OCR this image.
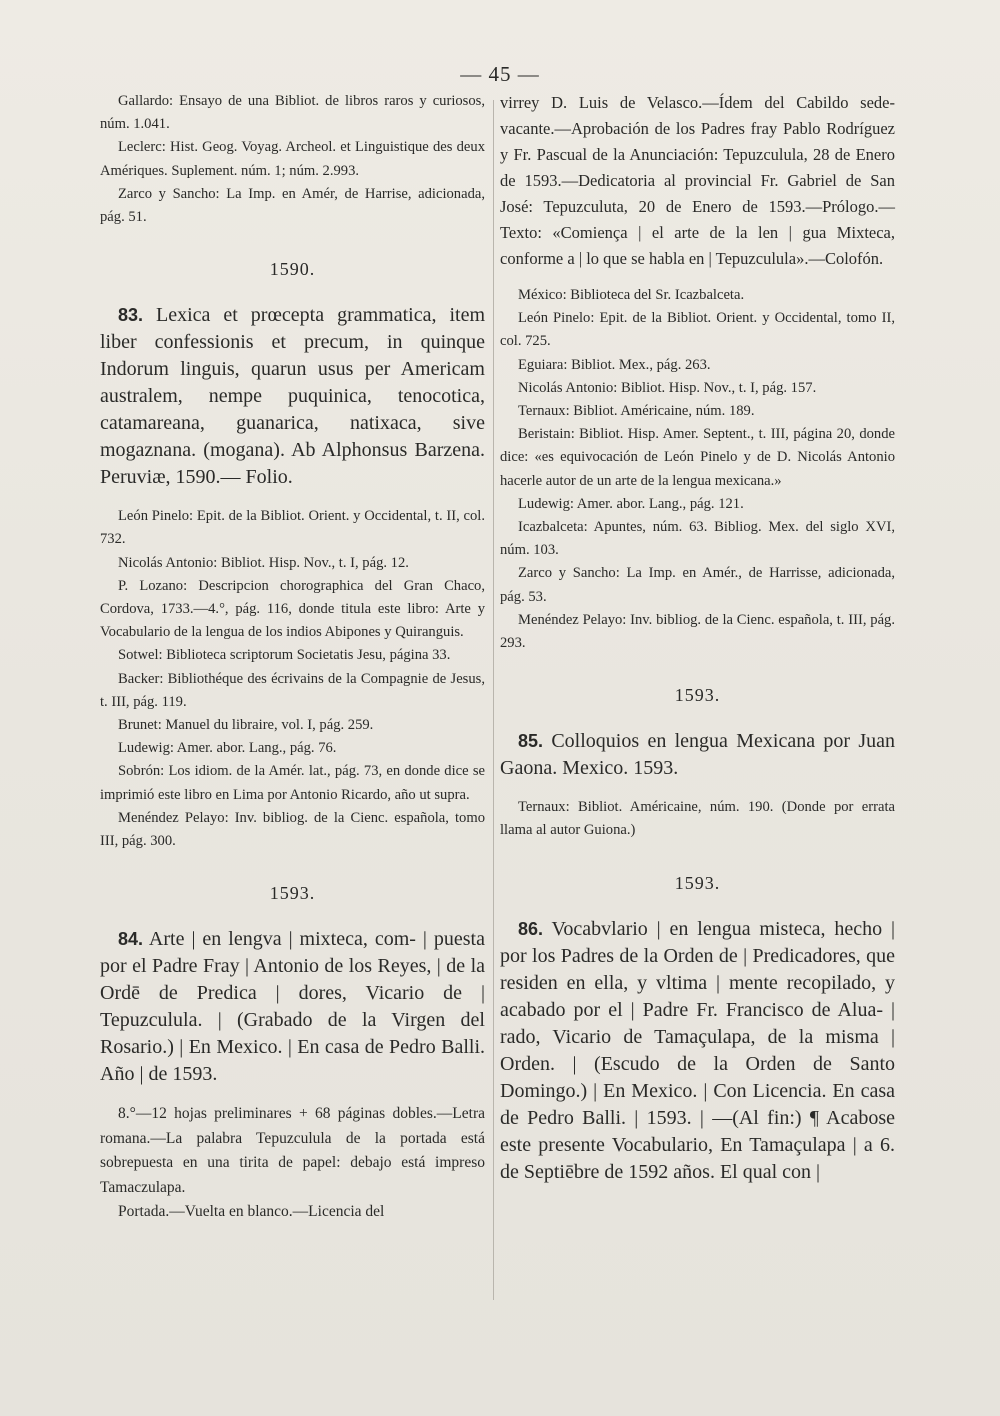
— 45 —

Gallardo: Ensayo de una Bibliot. de libros raros y curiosos, núm. 1.041.

Leclerc: Hist. Geog. Voyag. Archeol. et Linguistique des deux Amériques. Suplement. núm. 1; núm. 2.993.

Zarco y Sancho: La Imp. en Amér, de Harrise, adicionada, pág. 51.

1590.

83. Lexica et prœcepta grammatica, item liber confessionis et precum, in quinque Indorum linguis, quarun usus per Americam australem, nempe puquinica, tenocotica, catamareana, guanarica, natixaca, sive mogaznana. (mogana). Ab Alphonsus Barzena. Peruviæ, 1590.— Folio.

León Pinelo: Epit. de la Bibliot. Orient. y Occidental, t. II, col. 732.

Nicolás Antonio: Bibliot. Hisp. Nov., t. I, pág. 12.

P. Lozano: Descripcion chorographica del Gran Chaco, Cordova, 1733.—4.°, pág. 116, donde titula este libro: Arte y Vocabulario de la lengua de los indios Abipones y Quiranguis.

Sotwel: Biblioteca scriptorum Societatis Jesu, página 33.

Backer: Bibliothéque des écrivains de la Compagnie de Jesus, t. III, pág. 119.

Brunet: Manuel du libraire, vol. I, pág. 259.

Ludewig: Amer. abor. Lang., pág. 76.

Sobrón: Los idiom. de la Amér. lat., pág. 73, en donde dice se imprimió este libro en Lima por Antonio Ricardo, año ut supra.

Menéndez Pelayo: Inv. bibliog. de la Cienc. española, tomo III, pág. 300.

1593.

84. Arte | en lengva | mixteca, com- | puesta por el Padre Fray | Antonio de los Reyes, | de la Ordē de Predica | dores, Vicario de | Tepuzculula. | (Grabado de la Virgen del Rosario.) | En Mexico. | En casa de Pedro Balli. Año | de 1593.

8.°—12 hojas preliminares + 68 páginas dobles.—Letra romana.—La palabra Tepuzculula de la portada está sobrepuesta en una tirita de papel: debajo está impreso Tamaczulapa.

Portada.—Vuelta en blanco.—Licencia del

virrey D. Luis de Velasco.—Ídem del Cabildo sede-vacante.—Aprobación de los Padres fray Pablo Rodríguez y Fr. Pascual de la Anunciación: Tepuzculula, 28 de Enero de 1593.—Dedicatoria al provincial Fr. Gabriel de San José: Tepuzculuta, 20 de Enero de 1593.—Prólogo.—Texto: «Comiença | el arte de la len | gua Mixteca, conforme a | lo que se habla en | Tepuzculula».—Colofón.

México: Biblioteca del Sr. Icazbalceta.

León Pinelo: Epit. de la Bibliot. Orient. y Occidental, tomo II, col. 725.

Eguiara: Bibliot. Mex., pág. 263.

Nicolás Antonio: Bibliot. Hisp. Nov., t. I, pág. 157.

Ternaux: Bibliot. Américaine, núm. 189.

Beristain: Bibliot. Hisp. Amer. Septent., t. III, página 20, donde dice: «es equivocación de León Pinelo y de D. Nicolás Antonio hacerle autor de un arte de la lengua mexicana.»

Ludewig: Amer. abor. Lang., pág. 121.

Icazbalceta: Apuntes, núm. 63. Bibliog. Mex. del siglo XVI, núm. 103.

Zarco y Sancho: La Imp. en Amér., de Harrisse, adicionada, pág. 53.

Menéndez Pelayo: Inv. bibliog. de la Cienc. española, t. III, pág. 293.

1593.

85. Colloquios en lengua Mexicana por Juan Gaona. Mexico. 1593.

Ternaux: Bibliot. Américaine, núm. 190. (Donde por errata llama al autor Guiona.)

1593.

86. Vocabvlario | en lengua misteca, hecho | por los Padres de la Orden de | Predicadores, que residen en ella, y vltima | mente recopilado, y acabado por el | Padre Fr. Francisco de Alua- | rado, Vicario de Tamaçulapa, de la misma | Orden. | (Escudo de la Orden de Santo Domingo.) | En Mexico. | Con Licencia. En casa de Pedro Balli. | 1593. | —(Al fin:) ¶ Acabose este presente Vocabulario, En Tamaçulapa | a 6. de Septiēbre de 1592 años. El qual con |
